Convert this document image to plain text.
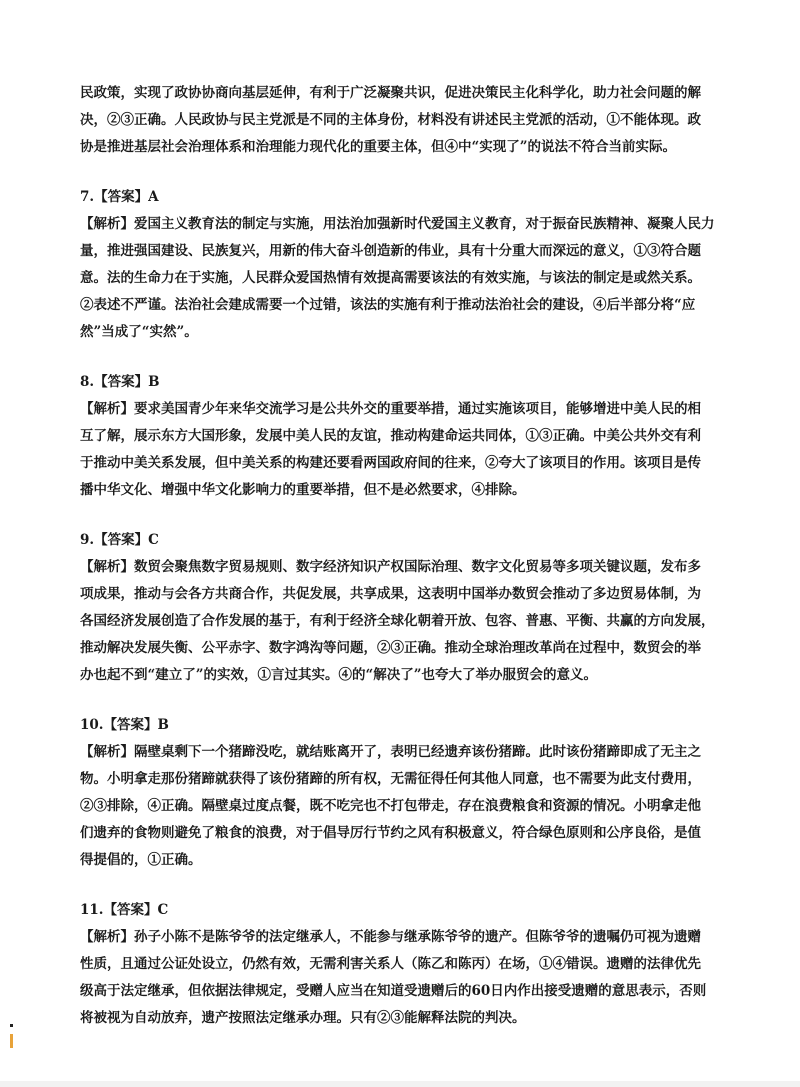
民政策，实现了政协协商向基层延伸，有利于广泛凝聚共识，促进决策民主化科学化，助力社会问题的解

决，②③正确。人民政协与民主党派是不同的主体身份，材料没有讲述民主党派的活动，①不能体现。政

协是推进基层社会治理体系和治理能力现代化的重要主体，但④中“实现了”的说法不符合当前实际。

7.【答案】A

【解析】爱国主义教育法的制定与实施，用法治加强新时代爱国主义教育，对于振奋民族精神、凝聚人民力

量，推进强国建设、民族复兴，用新的伟大奋斗创造新的伟业，具有十分重大而深远的意义，①③符合题

意。法的生命力在于实施，人民群众爱国热情有效提高需要该法的有效实施，与该法的制定是或然关系。

②表述不严谨。法治社会建成需要一个过错，该法的实施有利于推动法治社会的建设，④后半部分将“应

然”当成了“实然”。

8.【答案】B

【解析】要求美国青少年来华交流学习是公共外交的重要举措，通过实施该项目，能够增进中美人民的相

互了解，展示东方大国形象，发展中美人民的友谊，推动构建命运共同体，①③正确。中美公共外交有利

于推动中美关系发展，但中美关系的构建还要看两国政府间的往来，②夸大了该项目的作用。该项目是传

播中华文化、增强中华文化影响力的重要举措，但不是必然要求，④排除。

9.【答案】C

【解析】数贸会聚焦数字贸易规则、数字经济知识产权国际治理、数字文化贸易等多项关键议题，发布多

项成果，推动与会各方共商合作，共促发展，共享成果，这表明中国举办数贸会推动了多边贸易体制，为

各国经济发展创造了合作发展的基于，有利于经济全球化朝着开放、包容、普惠、平衡、共赢的方向发展，

推动解决发展失衡、公平赤字、数字鸿沟等问题，②③正确。推动全球治理改革尚在过程中，数贸会的举

办也起不到“建立了”的实效，①言过其实。④的“解决了”也夸大了举办服贸会的意义。

10.【答案】B

【解析】隔壁桌剩下一个猪蹄没吃，就结账离开了，表明已经遗弃该份猪蹄。此时该份猪蹄即成了无主之

物。小明拿走那份猪蹄就获得了该份猪蹄的所有权，无需征得任何其他人同意，也不需要为此支付费用，

②③排除，④正确。隔壁桌过度点餐，既不吃完也不打包带走，存在浪费粮食和资源的情况。小明拿走他

们遗弃的食物则避免了粮食的浪费，对于倡导厉行节约之风有积极意义，符合绿色原则和公序良俗，是值

得提倡的，①正确。

11.【答案】C

【解析】孙子小陈不是陈爷爷的法定继承人，不能参与继承陈爷爷的遗产。但陈爷爷的遗嘱仍可视为遗赠

性质，且通过公证处设立，仍然有效，无需利害关系人（陈乙和陈丙）在场，①④错误。遗赠的法律优先

级高于法定继承，但依据法律规定，受赠人应当在知道受遗赠后的60日内作出接受遗赠的意思表示，否则

将被视为自动放弃，遗产按照法定继承办理。只有②③能解释法院的判决。
